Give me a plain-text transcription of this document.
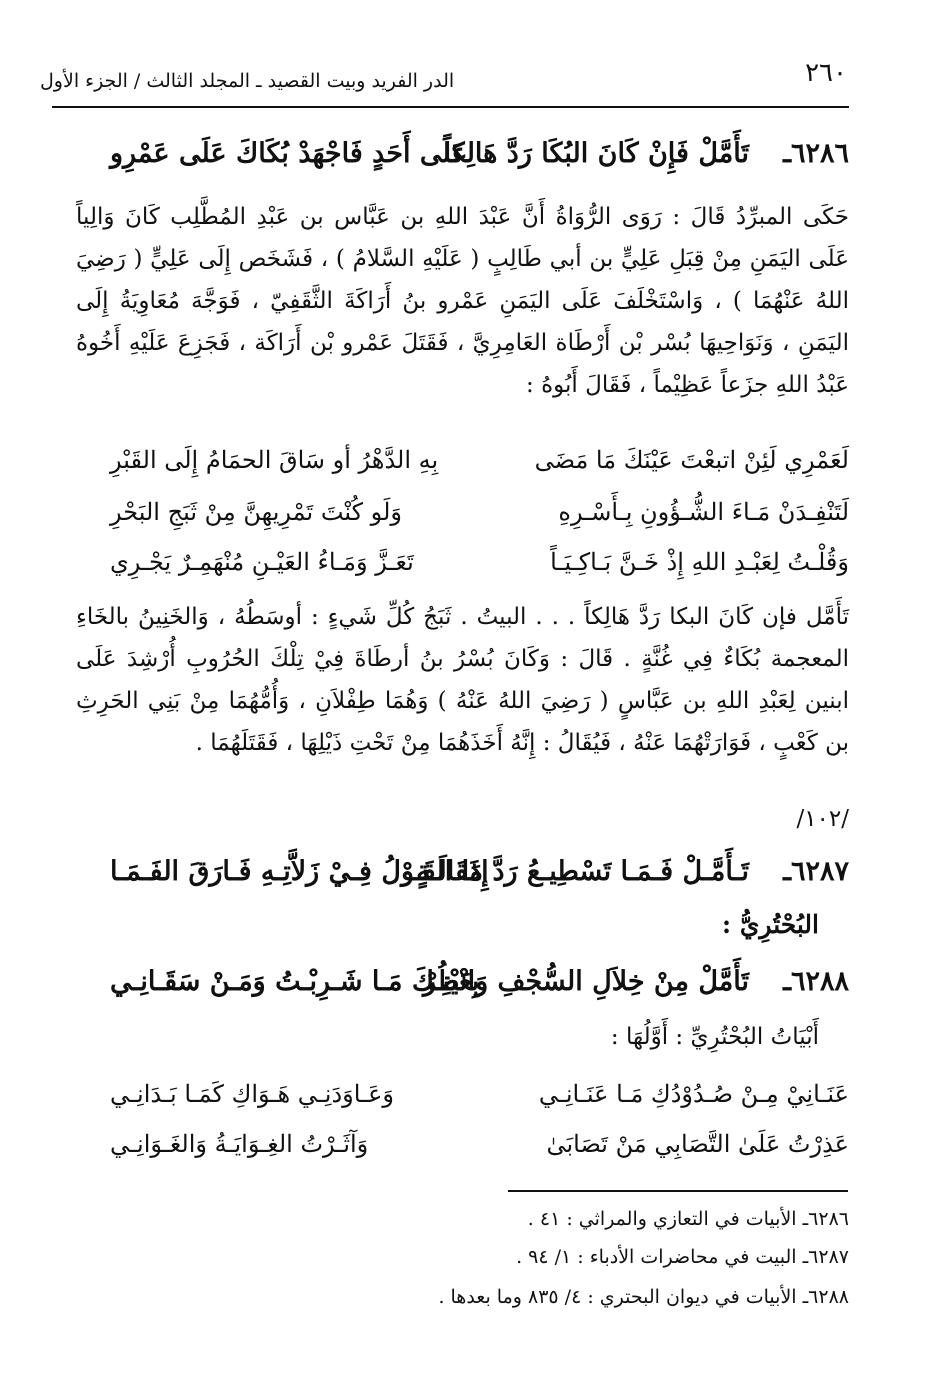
٢٦٠
الدر الفريد وبيت القصيد ـ المجلد الثالث / الجزء الأول
٦٢٨٦ـ
تَأَمَّلْ فَإِنْ كَانَ البُكَا رَدَّ هَالِكاً
عَلَى أَحَدٍ فَاجْهَدْ بُكَاكَ عَلَى عَمْرِو
حَكَى المبرِّدُ قَالَ : رَوَى الرُّوَاةُ أَنَّ عَبْدَ اللهِ بن عَبَّاس بن عَبْدِ المُطَّلِب كَانَ وَالِياً عَلَى اليَمَنِ مِنْ قِبَلِ عَلِيٍّ بن أبي طَالِبٍ ( عَلَيْهِ السَّلامُ ) ، فَشَخَص إِلَى عَلِيٍّ ( رَضِيَ اللهُ عَنْهُمَا ) ، وَاسْتَخْلَفَ عَلَى اليَمَنِ عَمْرو بنُ أَرَاكَةَ الثَّقَفِيّ ، فَوَجَّهَ مُعَاوِيَةُ إِلَى اليَمَنِ ، وَنَوَاحِيهَا بُسْر بْن أَرْطَاة العَامِرِيَّ ، فَقَتَلَ عَمْرو بْن أَرَاكَة ، فَجَزِعَ عَلَيْهِ أَخُوهُ عَبْدُ اللهِ جزَعاً عَظِيْماً ، فَقَالَ أَبُوهُ :
لَعَمْرِي لَئِنْ اتبعْتَ عَيْنَكَ مَا مَضَى
بِهِ الدَّهْرُ أو سَاقَ الحمَامُ إِلَى القَبْرِ
لَتَنْفِـدَنْ مَـاءَ الشُّـؤُونِ بِـأَسْـرِهِ
وَلَو كُنْتَ تَمْرِيهِنَّ مِنْ ثَبَجِ البَحْرِ
وَقُلْـتُ لِعَبْـدِ اللهِ إِذْ خَـنَّ بَـاكِـيَـاً
تَعَـزَّ وَمَـاءُ العَيْـنِ مُنْهَمِـرٌ يَجْـرِي
تَأَمَّل فإن كَانَ البكا رَدَّ هَالِكاً . . . البيتُ . ثَبَجُ كُلِّ شَيءٍ : أوسَطُهُ ، وَالخَنِينُ بالخَاءِ المعجمة بُكَاءٌ فِي غُنَّةٍ . قَالَ : وَكَانَ بُسْرُ بنُ أرطَاةَ فِيْ تِلْكَ الحُرُوبِ أُرْشِدَ عَلَى ابنين لِعَبْدِ اللهِ بن عَبَّاسٍ ( رَضِيَ اللهُ عَنْهُ ) وَهُمَا طِفْلاَنِ ، وَأُمُّهُمَا مِنْ بَنِي الحَرِثِ بن كَعْبٍ ، فَوَارَتْهُمَا عَنْهُ ، فَيُقَالُ : إِنَّهُ أَخَذَهُمَا مِنْ تَحْتِ ذَيْلِهَا ، فَقَتَلَهُمَا .
/١٠٢/
٦٢٨٧ـ
تَـأَمَّـلْ فَـمَـا تَسْطِيـعُ رَدَّ مَقَالَـةٍ
إِذَا القَـوْلُ فِـيْ زَلاَّتِـهِ فَـارَقَ الفَـمَـا
البُحْتُرِيُّ :
٦٢٨٨ـ
تَأَمَّلْ مِنْ خِلاَلِ السُّجْفِ وَانْظُرْ
بِعَيْنِـكَ مَـا شَـرِبْـتُ وَمَـنْ سَقَـانِـي
أَبْيَاتُ البُحْتُرِيِّ : أَوَّلُهَا :
عَنَـانِيْ مِـنْ صُـدُوْدُكِ مَـا عَنَـانِـي
وَعَـاوَدَنِـي هَـوَاكِ كَمَـا بَـدَانِـي
عَذِرْتُ عَلَىٰ التَّصَابِي مَنْ تَصَابَىٰ
وَآثَـرْتُ الغِـوَايَـةُ وَالغَـوَانِـي
٦٢٨٦ـ الأبيات في التعازي والمراثي : ٤١ .
٦٢٨٧ـ البيت في محاضرات الأدباء : ١/ ٩٤ .
٦٢٨٨ـ الأبيات في ديوان البحتري : ٤/ ٨٣٥ وما بعدها .
